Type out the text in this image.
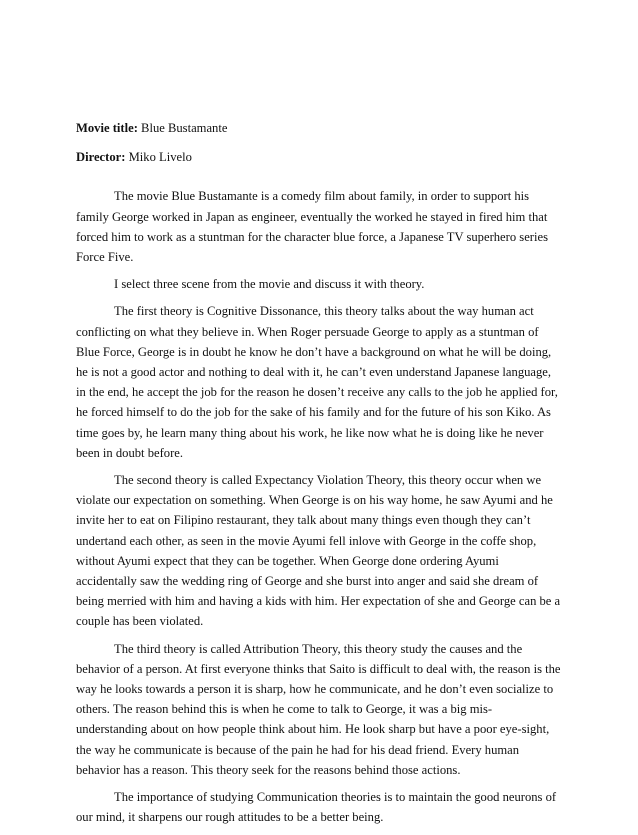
Movie title: Blue Bustamante

Director: Miko Livelo

The movie Blue Bustamante is a comedy film about family, in order to support his family George worked in Japan as engineer, eventually the worked he stayed in fired him that forced him to work as a stuntman for the character blue force, a Japanese TV superhero series Force Five.

I select three scene from the movie and discuss it with theory.

The first theory is Cognitive Dissonance, this theory talks about the way human act conflicting on what they believe in. When Roger persuade George to apply as a stuntman of Blue Force, George is in doubt he know he don’t have a background on what he will be doing, he is not a good actor and nothing to deal with it, he can’t even understand Japanese language, in the end, he accept the job for the reason he dosen’t receive any calls to the job he applied for, he forced himself to do the job for the sake of his family and for the future of his son Kiko. As time goes by, he learn many thing about his work, he like now what he is doing like he never been in doubt before.

The second theory is called Expectancy Violation Theory, this theory occur when we violate our expectation on something. When George is on his way home, he saw Ayumi and he invite her to eat on Filipino restaurant, they talk about many things even though they can’t undertand each other, as seen in the movie Ayumi fell inlove with George in the coffe shop, without Ayumi expect that they can be together. When George done ordering Ayumi accidentally saw the wedding ring of George and she burst into anger and said she dream of being merried with him and having a kids with him. Her expectation of she and George can be a couple has been violated.

The third theory is called Attribution Theory, this theory study the causes and the behavior of a person. At first everyone thinks that Saito is difficult to deal with, the reason is the way he looks towards a person it is sharp, how he communicate, and he don’t even socialize to others. The reason behind this is when he come to talk to George, it was a big mis-understanding about on how people think about him. He look sharp but have a poor eye-sight, the way he communicate is because of the pain he had for his dead friend. Every human behavior has a reason. This theory seek for the reasons behind those actions.

The importance of studying Communication theories is to maintain the good neurons of our mind, it sharpens our rough attitudes to be a better being.
